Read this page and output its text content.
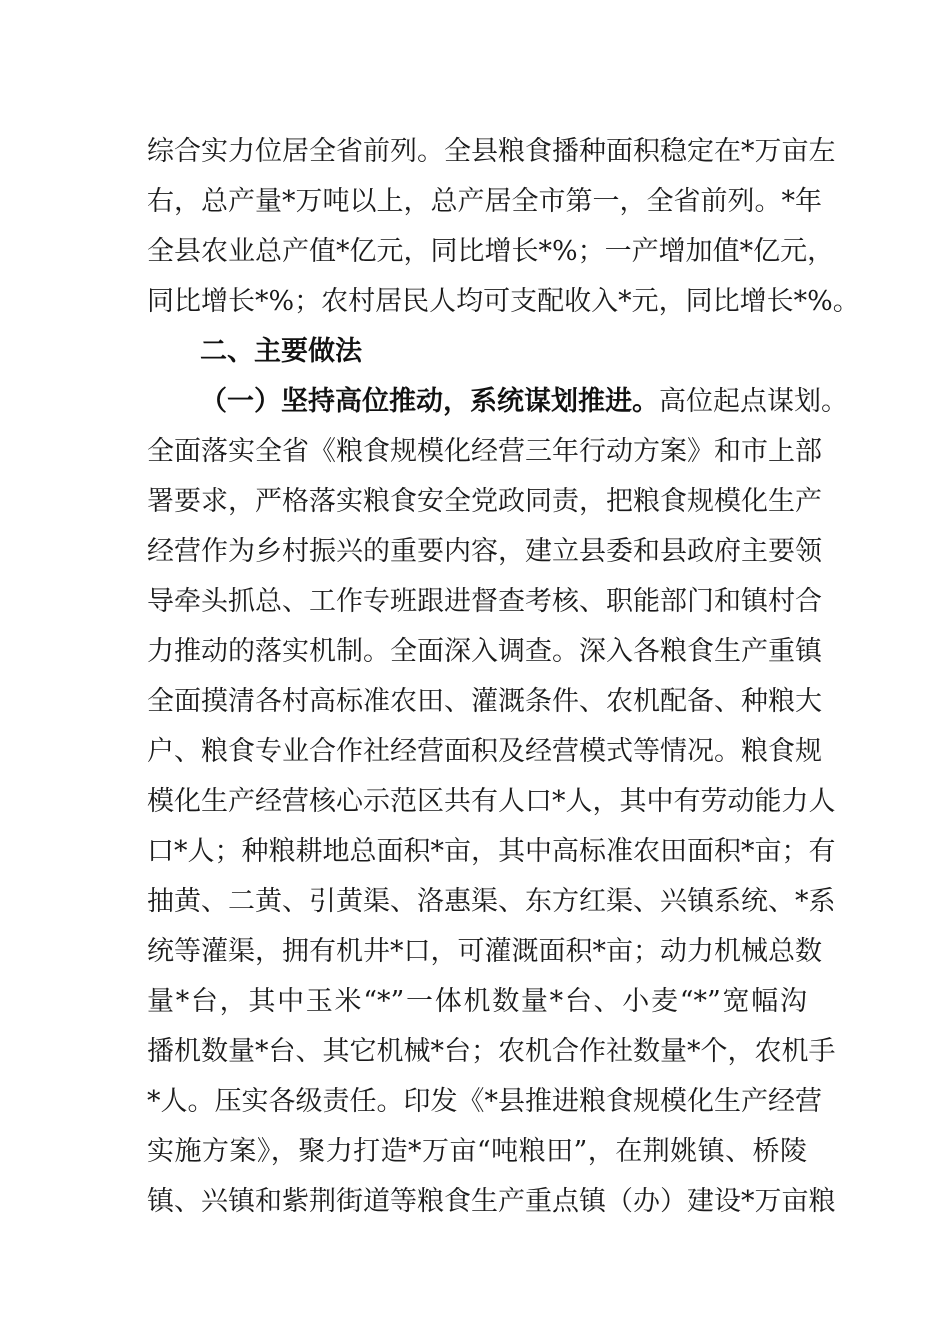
综合实力位居全省前列。全县粮食播种面积稳定在*万亩左
右，总产量*万吨以上，总产居全市第一，全省前列。*年
全县农业总产值*亿元，同比增长*%；一产增加值*亿元，
同比增长*%；农村居民人均可支配收入*元，同比增长*%。
二、主要做法
（一）坚持高位推动，系统谋划推进。高位起点谋划。
全面落实全省《粮食规模化经营三年行动方案》和市上部
署要求，严格落实粮食安全党政同责，把粮食规模化生产
经营作为乡村振兴的重要内容，建立县委和县政府主要领
导牵头抓总、工作专班跟进督查考核、职能部门和镇村合
力推动的落实机制。全面深入调查。深入各粮食生产重镇
全面摸清各村高标准农田、灌溉条件、农机配备、种粮大
户、粮食专业合作社经营面积及经营模式等情况。粮食规
模化生产经营核心示范区共有人口*人，其中有劳动能力人
口*人；种粮耕地总面积*亩，其中高标准农田面积*亩；有
抽黄、二黄、引黄渠、洛惠渠、东方红渠、兴镇系统、*系
统等灌渠，拥有机井*口，可灌溉面积*亩；动力机械总数
量*台，其中玉米“*”一体机数量*台、小麦“*”宽幅沟
播机数量*台、其它机械*台；农机合作社数量*个，农机手
*人。压实各级责任。印发《*县推进粮食规模化生产经营
实施方案》，聚力打造*万亩“吨粮田”，在荆姚镇、桥陵
镇、兴镇和紫荆街道等粮食生产重点镇（办）建设*万亩粮
